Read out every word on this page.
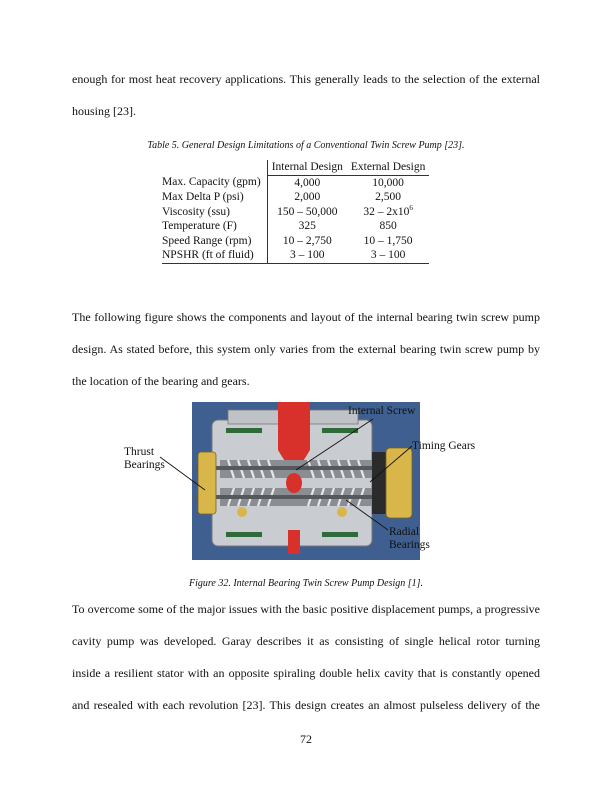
enough for most heat recovery applications. This generally leads to the selection of the external
housing [23].
Table 5. General Design Limitations of a Conventional Twin Screw Pump [23].
	Internal Design	External Design
Max. Capacity (gpm)	4,000	10,000
Max Delta P (psi)	2,000	2,500
Viscosity (ssu)	150 – 50,000	$32 - 2x10^6$
Temperature (F)	325	850
Speed Range (rpm)	10 – 2,750	10 – 1,750
NPSHR (ft of fluid)	3 – 100	3 – 100
The following figure shows the components and layout of the internal bearing twin screw pump
design. As stated before, this system only varies from the external bearing twin screw pump by
the location of the bearing and gears.
Internal Screw
Timing Gears
Thrust
Bearings
Radial
Bearings
Figure 32. Internal Bearing Twin Screw Pump Design [1].
To overcome some of the major issues with the basic positive displacement pumps, a progressive
cavity pump was developed. Garay describes it as consisting of single helical rotor turning
inside a resilient stator with an opposite spiraling double helix cavity that is constantly opened
and resealed with each revolution [23]. This design creates an almost pulseless delivery of the
72
